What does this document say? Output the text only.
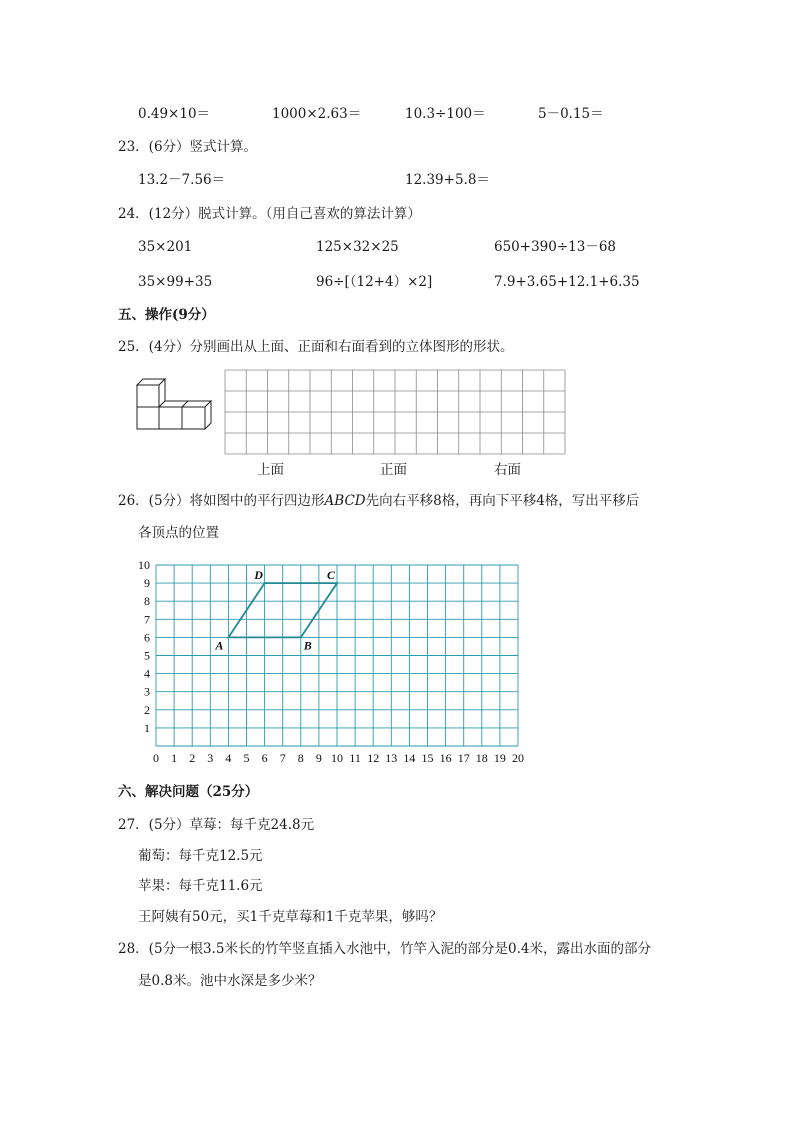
0.49×10＝	1000×2.63＝	10.3÷100＝	5－0.15＝
23．(6分）竖式计算。
13.2－7.56＝	12.39+5.8＝
24．(12分）脱式计算。（用自己喜欢的算法计算）
35×201	125×32×25	650+390÷13－68
35×99+35	96÷[（12+4）×2]	7.9+3.65+12.1+6.35
五、操作(9分）
25．(4分）分别画出从上面、正面和右面看到的立体图形的形状。
上面	正面	右面
26．(5分）将如图中的平行四边形ABCD先向右平移8格，再向下平移4格，写出平移后
各顶点的位置
0 1 2 3 4 5 6 7 8 9 10 11 12 13 14 15 16 17 18 19 20
1
2
3
4
5
6
7
8
9
10
A	B
C
D
六、解决问题（25分）
27．(5分）草莓：每千克24.8元
葡萄：每千克12.5元
苹果：每千克11.6元
王阿姨有50元，买1千克草莓和1千克苹果，够吗？
28．(5分一根3.5米长的竹竿竖直插入水池中，竹竿入泥的部分是0.4米，露出水面的部分
是0.8米。池中水深是多少米？
